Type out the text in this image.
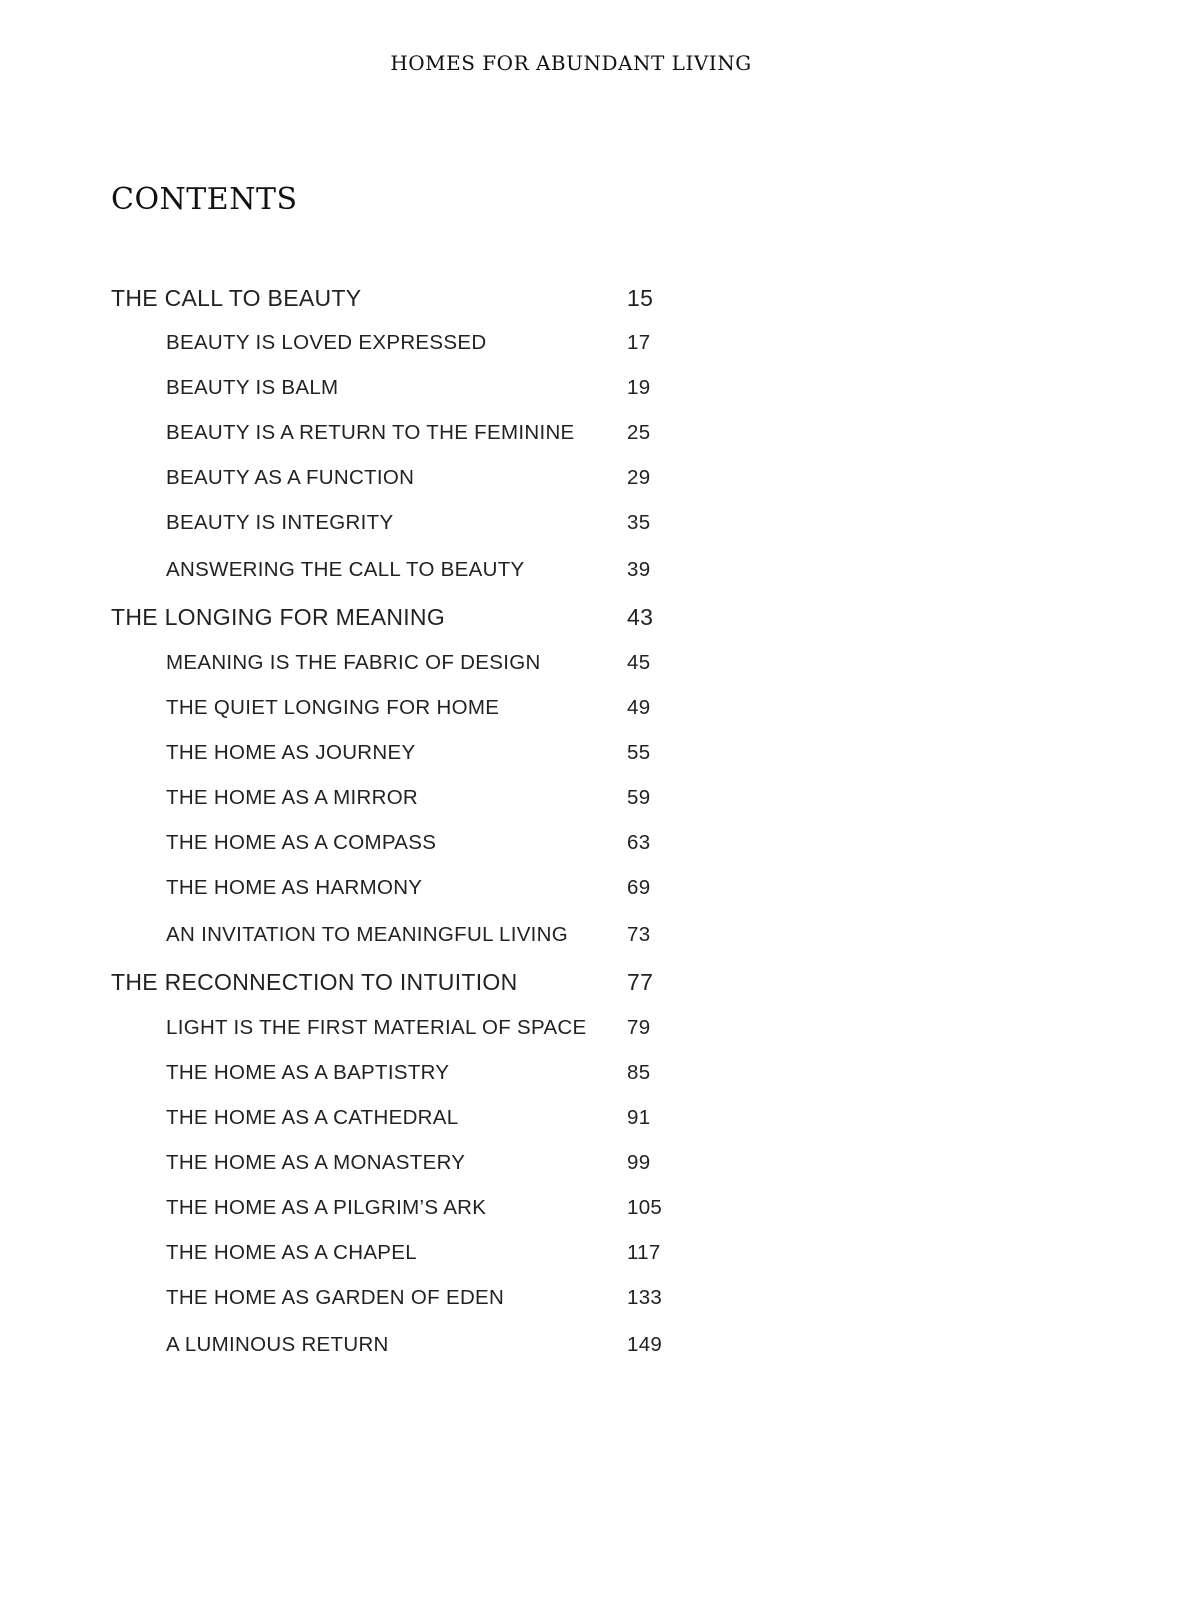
HOMES FOR ABUNDANT LIVING
CONTENTS
THE CALL TO BEAUTY	15
BEAUTY IS LOVED EXPRESSED	17
BEAUTY IS BALM	19
BEAUTY IS A RETURN TO THE FEMININE	25
BEAUTY AS A FUNCTION	29
BEAUTY IS INTEGRITY	35
ANSWERING THE CALL TO BEAUTY	39
THE LONGING FOR MEANING	43
MEANING IS THE FABRIC OF DESIGN	45
THE QUIET LONGING FOR HOME	49
THE HOME AS JOURNEY	55
THE HOME AS A MIRROR	59
THE HOME AS A COMPASS	63
THE HOME AS HARMONY	69
AN INVITATION TO MEANINGFUL LIVING	73
THE RECONNECTION TO INTUITION	77
LIGHT IS THE FIRST MATERIAL OF SPACE 79
THE HOME AS A BAPTISTRY	85
THE HOME AS A CATHEDRAL	91
THE HOME AS A MONASTERY	99
THE HOME AS A PILGRIM’S ARK	105
THE HOME AS A CHAPEL	117
THE HOME AS GARDEN OF EDEN	133
A LUMINOUS RETURN	149
